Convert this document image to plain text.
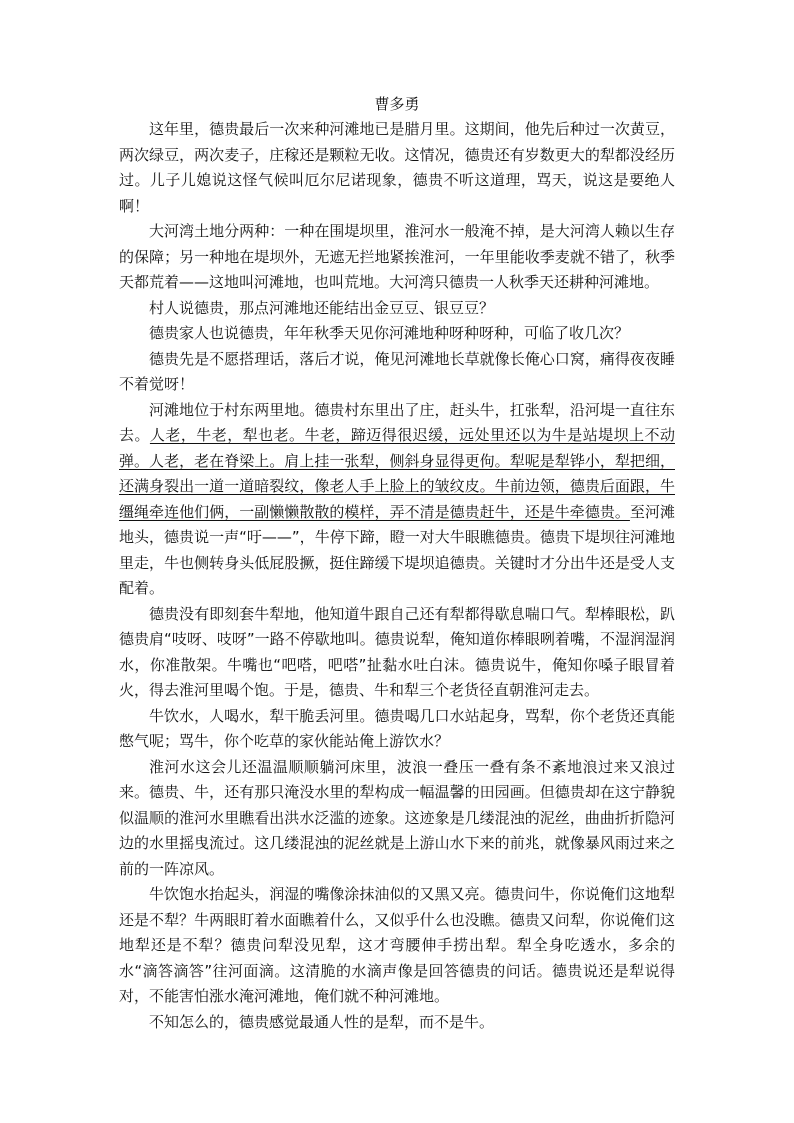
曹多勇

这年里，德贵最后一次来种河滩地已是腊月里。这期间，他先后种过一次黄豆，两次绿豆，两次麦子，庄稼还是颗粒无收。这情况，德贵还有岁数更大的犁都没经历过。儿子儿媳说这怪气候叫厄尔尼诺现象，德贵不听这道理，骂天，说这是要绝人啊！

大河湾土地分两种：一种在围堤坝里，淮河水一般淹不掉，是大河湾人赖以生存的保障；另一种地在堤坝外，无遮无拦地紧挨淮河，一年里能收季麦就不错了，秋季天都荒着——这地叫河滩地，也叫荒地。大河湾只德贵一人秋季天还耕种河滩地。

村人说德贵，那点河滩地还能结出金豆豆、银豆豆？

德贵家人也说德贵，年年秋季天见你河滩地种呀种呀种，可临了收几次？

德贵先是不愿搭理话，落后才说，俺见河滩地长草就像长俺心口窝，痛得夜夜睡不着觉呀！

河滩地位于村东两里地。德贵村东里出了庄，赶头牛，扛张犁，沿河堤一直往东去。人老，牛老，犁也老。牛老，蹄迈得很迟缓，远处里还以为牛是站堤坝上不动弹。人老，老在脊梁上。肩上挂一张犁，侧斜身显得更佝。犁呢是犁铧小，犁把细，还满身裂出一道一道暗裂纹，像老人手上脸上的皱纹皮。牛前边领，德贵后面跟，牛缰绳牵连他们俩，一副懒懒散散的模样，弄不清是德贵赶牛，还是牛牵德贵。至河滩地头，德贵说一声“吁——”，牛停下蹄，瞪一对大牛眼瞧德贵。德贵下堤坝往河滩地里走，牛也侧转身头低屁股撅，挺住蹄缓下堤坝追德贵。关键时才分出牛还是受人支配着。

德贵没有即刻套牛犁地，他知道牛跟自己还有犁都得歇息喘口气。犁棒眼松，趴德贵肩“吱呀、吱呀”一路不停歇地叫。德贵说犁，俺知道你棒眼咧着嘴，不湿润湿润水，你准散架。牛嘴也“吧嗒，吧嗒”扯黏水吐白沫。德贵说牛，俺知你嗓子眼冒着火，得去淮河里喝个饱。于是，德贵、牛和犁三个老货径直朝淮河走去。

牛饮水，人喝水，犁干脆丢河里。德贵喝几口水站起身，骂犁，你个老货还真能憋气呢；骂牛，你个吃草的家伙能站俺上游饮水？

淮河水这会儿还温温顺顺躺河床里，波浪一叠压一叠有条不紊地浪过来又浪过来。德贵、牛，还有那只淹没水里的犁构成一幅温馨的田园画。但德贵却在这宁静貌似温顺的淮河水里瞧看出洪水泛滥的迹象。这迹象是几缕混浊的泥丝，曲曲折折隐河边的水里摇曳流过。这几缕混浊的泥丝就是上游山水下来的前兆，就像暴风雨过来之前的一阵凉风。

牛饮饱水抬起头，润湿的嘴像涂抹油似的又黑又亮。德贵问牛，你说俺们这地犁还是不犁？牛两眼盯着水面瞧着什么，又似乎什么也没瞧。德贵又问犁，你说俺们这地犁还是不犁？德贵问犁没见犁，这才弯腰伸手捞出犁。犁全身吃透水，多余的水“滴答滴答”往河面滴。这清脆的水滴声像是回答德贵的问话。德贵说还是犁说得对，不能害怕涨水淹河滩地，俺们就不种河滩地。

不知怎么的，德贵感觉最通人性的是犁，而不是牛。
